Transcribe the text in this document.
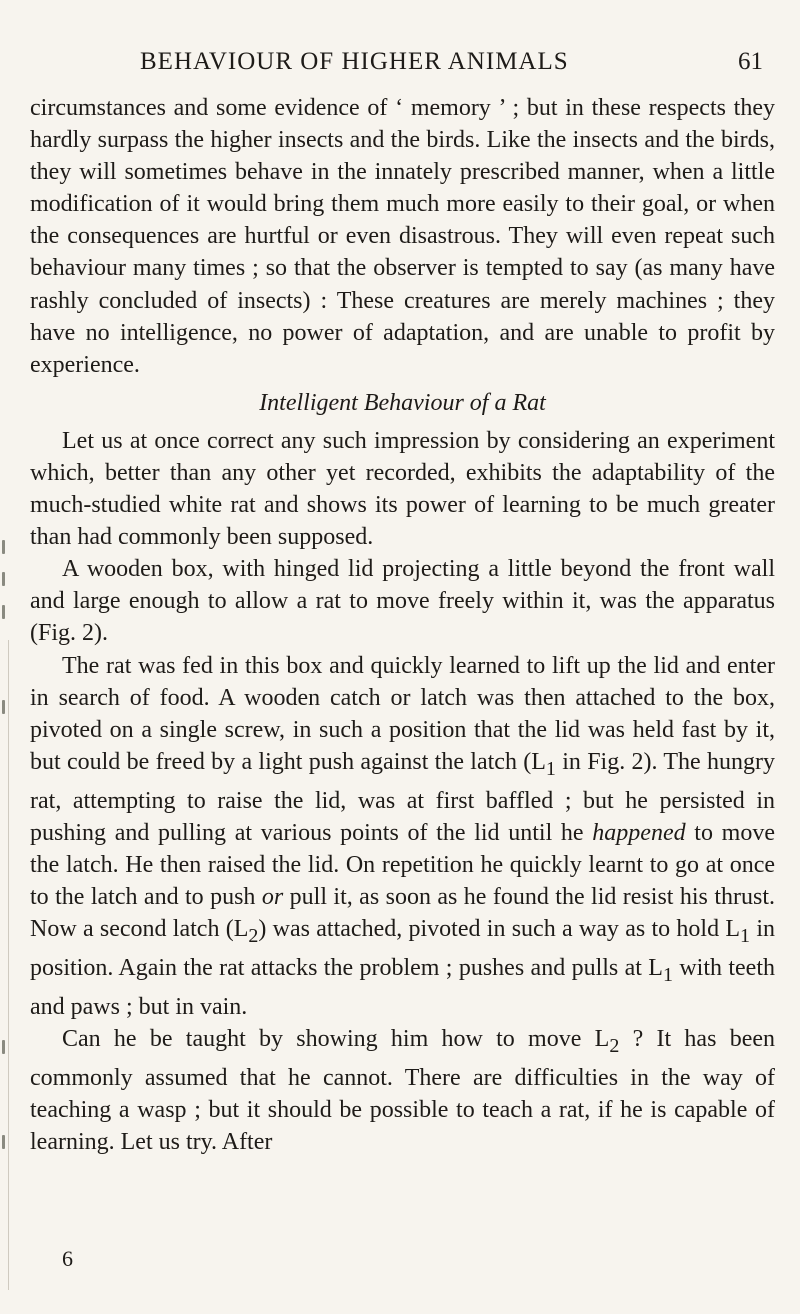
BEHAVIOUR OF HIGHER ANIMALS	61

circumstances and some evidence of ‘ memory ’ ; but in these respects they hardly surpass the higher insects and the birds. Like the insects and the birds, they will sometimes behave in the innately prescribed manner, when a little modification of it would bring them much more easily to their goal, or when the consequences are hurtful or even disastrous. They will even repeat such behaviour many times ; so that the observer is tempted to say (as many have rashly concluded of insects) : These creatures are merely machines ; they have no intelligence, no power of adaptation, and are unable to profit by experience.

Intelligent Behaviour of a Rat

Let us at once correct any such impression by considering an experiment which, better than any other yet recorded, exhibits the adaptability of the much-studied white rat and shows its power of learning to be much greater than had commonly been supposed.

A wooden box, with hinged lid projecting a little beyond the front wall and large enough to allow a rat to move freely within it, was the apparatus (Fig. 2).

The rat was fed in this box and quickly learned to lift up the lid and enter in search of food. A wooden catch or latch was then attached to the box, pivoted on a single screw, in such a position that the lid was held fast by it, but could be freed by a light push against the latch ($L_1$ in Fig. 2). The hungry rat, attempting to raise the lid, was at first baffled ; but he persisted in pushing and pulling at various points of the lid until he happened to move the latch. He then raised the lid. On repetition he quickly learnt to go at once to the latch and to push or pull it, as soon as he found the lid resist his thrust. Now a second latch $(L_2)$ was attached, pivoted in such a way as to hold $L_1$ in position. Again the rat attacks the problem ; pushes and pulls at $L_1$ with teeth and paws ; but in vain.

Can he be taught by showing him how to move $L_2$ ? It has been commonly assumed that he cannot. There are difficulties in the way of teaching a wasp ; but it should be possible to teach a rat, if he is capable of learning. Let us try. After

6
